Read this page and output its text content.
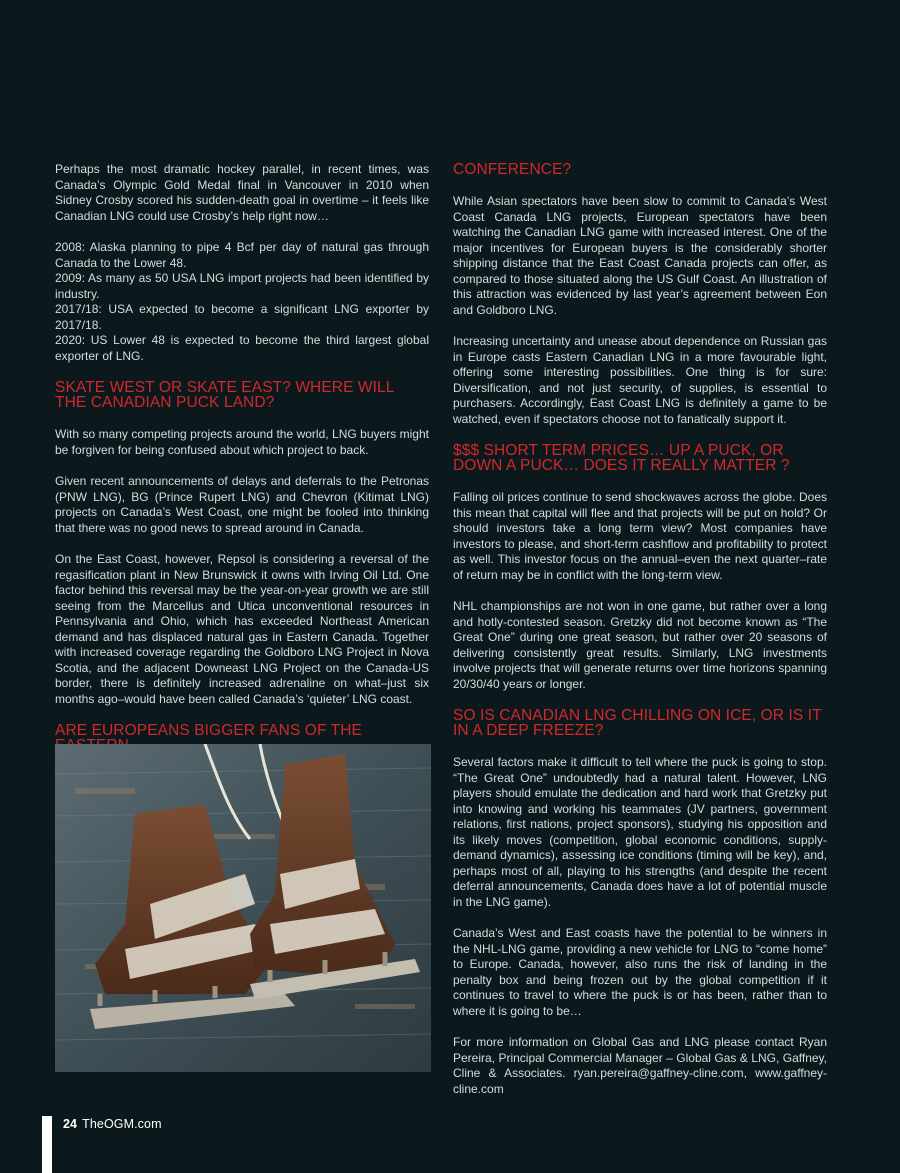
Perhaps the most dramatic hockey parallel, in recent times, was Canada’s Olympic Gold Medal final in Vancouver in 2010 when Sidney Crosby scored his sudden-death goal in overtime – it feels like Canadian LNG could use Crosby’s help right now…

2008: Alaska planning to pipe 4 Bcf per day of natural gas through Canada to the Lower 48.
2009: As many as 50 USA LNG import projects had been identified by industry.
2017/18: USA expected to become a significant LNG exporter by 2017/18.
2020: US Lower 48 is expected to become the third largest global exporter of LNG.

SKATE WEST OR SKATE EAST? WHERE WILL THE CANADIAN PUCK LAND?

With so many competing projects around the world, LNG buyers might be forgiven for being confused about which project to back.

Given recent announcements of delays and deferrals to the Petronas (PNW LNG), BG (Prince Rupert LNG) and Chevron (Kitimat LNG) projects on Canada’s West Coast, one might be fooled into thinking that there was no good news to spread around in Canada.

On the East Coast, however, Repsol is considering a reversal of the regasification plant in New Brunswick it owns with Irving Oil Ltd. One factor behind this reversal may be the year-on-year growth we are still seeing from the Marcellus and Utica unconventional resources in Pennsylvania and Ohio, which has exceeded Northeast American demand and has displaced natural gas in Eastern Canada. Together with increased coverage regarding the Goldboro LNG Project in Nova Scotia, and the adjacent Downeast LNG Project on the Canada-US border, there is definitely increased adrenaline on what–just six months ago–would have been called Canada’s ‘quieter’ LNG coast.

ARE EUROPEANS BIGGER FANS OF THE
CONFERENCE?

While Asian spectators have been slow to commit to Canada’s West Coast Canada LNG projects, European spectators have been watching the Canadian LNG game with increased interest. One of the major incentives for European buyers is the considerably shorter shipping distance that the East Coast Canada projects can offer, as compared to those situated along the US Gulf Coast. An illustration of this attraction was evidenced by last year’s agreement between Eon and Goldboro LNG.

Increasing uncertainty and unease about dependence on Russian gas in Europe casts Eastern Canadian LNG in a more favourable light, offering some interesting possibilities. One thing is for sure: Diversification, and not just security, of supplies, is essential to purchasers. Accordingly, East Coast LNG is definitely a game to be watched, even if spectators choose not to fanatically support it.

$$$ SHORT TERM PRICES… UP A PUCK, OR DOWN A PUCK… DOES IT REALLY MATTER ?

Falling oil prices continue to send shockwaves across the globe. Does this mean that capital will flee and that projects will be put on hold? Or should investors take a long term view? Most companies have investors to please, and short-term cashflow and profitability to protect as well. This investor focus on the annual–even the next quarter–rate of return may be in conflict with the long-term view.

NHL championships are not won in one game, but rather over a long and hotly-contested season. Gretzky did not become known as “The Great One” during one great season, but rather over 20 seasons of delivering consistently great results. Similarly, LNG investments involve projects that will generate returns over time horizons spanning 20/30/40 years or longer.

SO IS CANADIAN LNG CHILLING ON ICE, OR IS IT IN A DEEP FREEZE?

Several factors make it difficult to tell where the puck is going to stop. “The Great One” undoubtedly had a natural talent. However, LNG players should emulate the dedication and hard work that Gretzky put into knowing and working his teammates (JV partners, government relations, first nations, project sponsors), studying his opposition and its likely moves (competition, global economic conditions, supply-demand dynamics), assessing ice conditions (timing will be key), and, perhaps most of all, playing to his strengths (and despite the recent deferral announcements, Canada does have a lot of potential muscle in the LNG game).

Canada’s West and East coasts have the potential to be winners in the NHL-LNG game, providing a new vehicle for LNG to “come home” to Europe. Canada, however, also runs the risk of landing in the penalty box and being frozen out by the global competition if it continues to travel to where the puck is or has been, rather than to where it is going to be…

For more information on Global Gas and LNG please contact Ryan Pereira, Principal Commercial Manager – Global Gas & LNG, Gaffney, Cline & Associates. ryan.pereira@gaffney-cline.com, www.gaffney-cline.com

24 TheOGM.com
